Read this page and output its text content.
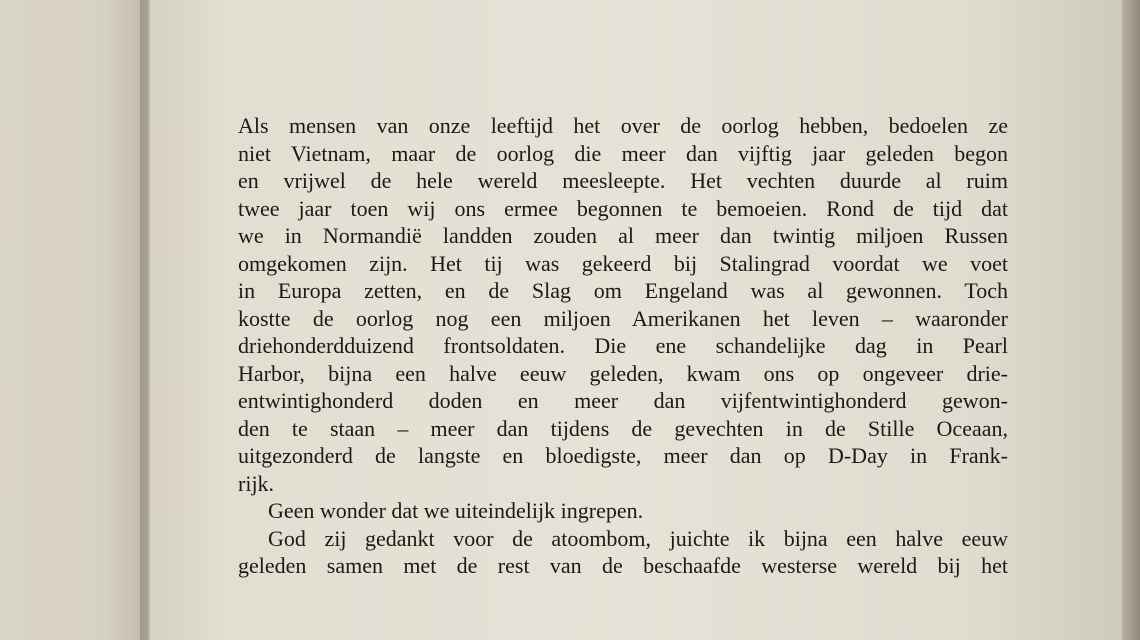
Als mensen van onze leeftijd het over de oorlog hebben, bedoelen ze
niet Vietnam, maar de oorlog die meer dan vijftig jaar geleden begon
en vrijwel de hele wereld meesleepte. Het vechten duurde al ruim
twee jaar toen wij ons ermee begonnen te bemoeien. Rond de tijd dat
we in Normandië landden zouden al meer dan twintig miljoen Russen
omgekomen zijn. Het tij was gekeerd bij Stalingrad voordat we voet
in Europa zetten, en de Slag om Engeland was al gewonnen. Toch
kostte de oorlog nog een miljoen Amerikanen het leven – waaronder
driehonderdduizend frontsoldaten. Die ene schandelijke dag in Pearl
Harbor, bijna een halve eeuw geleden, kwam ons op ongeveer drie-
entwintighonderd doden en meer dan vijfentwintighonderd gewon-
den te staan – meer dan tijdens de gevechten in de Stille Oceaan,
uitgezonderd de langste en bloedigste, meer dan op D-Day in Frank-
rijk.
Geen wonder dat we uiteindelijk ingrepen.
God zij gedankt voor de atoombom, juichte ik bijna een halve eeuw
geleden samen met de rest van de beschaafde westerse wereld bij het
